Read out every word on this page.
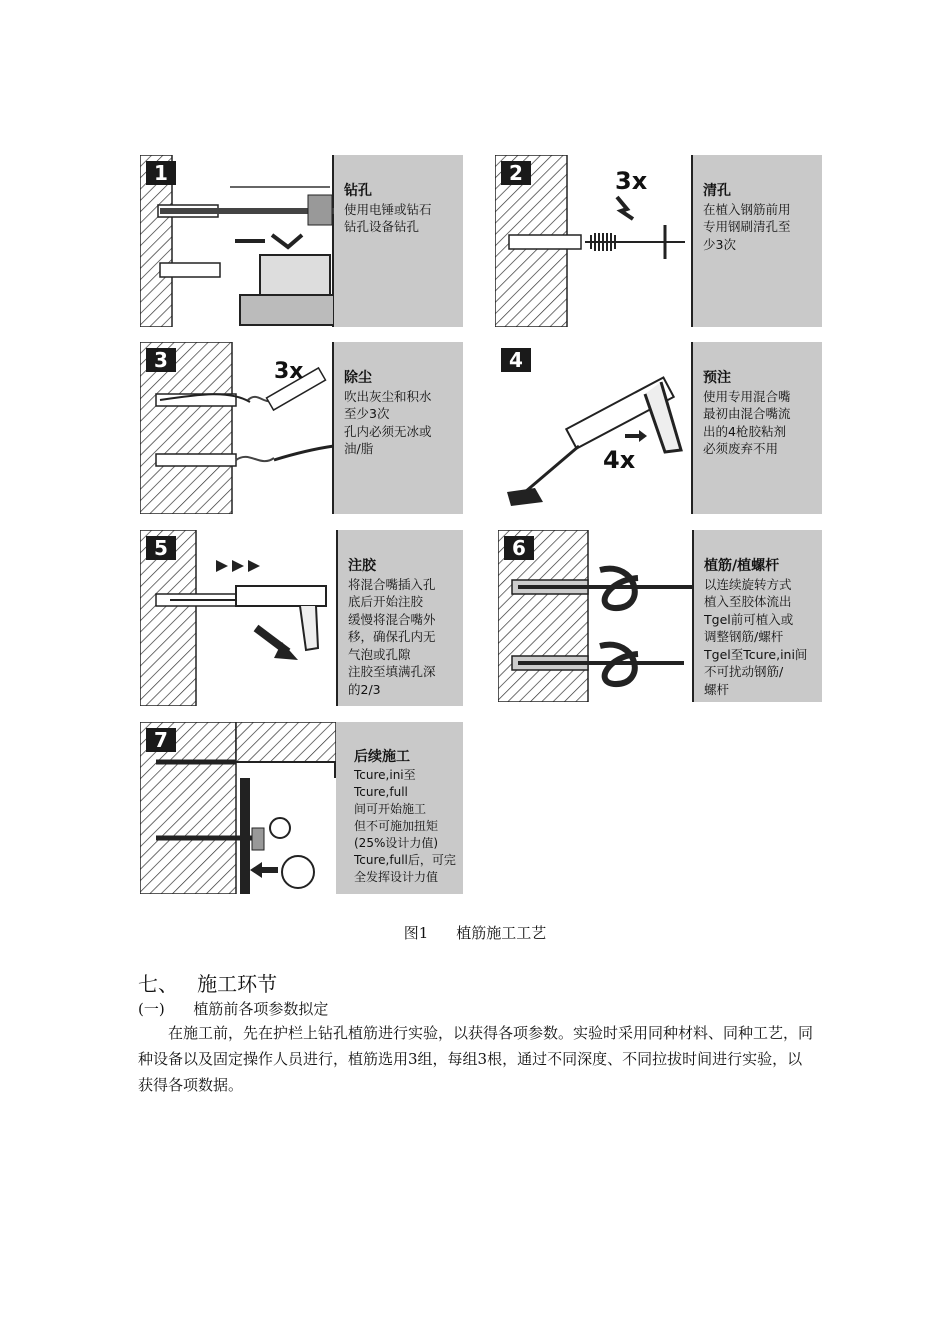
1

钻孔
使用电锤或钻石
钻孔设备钻孔

3x
2

清孔
在植入钢筋前用
专用钢刷清孔至
少3次

3x
3

除尘
吹出灰尘和积水
至少3次
孔内必须无冰或
油/脂	4x
4

预注
使用专用混合嘴
最初由混合嘴流
出的4枪胶粘剂
必须废弃不用

5

注胶
将混合嘴插入孔
底后开始注胶
缓慢将混合嘴外
移，确保孔内无
气泡或孔隙
注胶至填满孔深
的2/3

6

植筋/植螺杆
以连续旋转方式
植入至胶体流出
Tgel前可植入或
调整钢筋/螺杆
Tgel至Tcure,ini间
不可扰动钢筋/
螺杆

7

后续施工
Tcure,ini至Tcure,full
间可开始施工
但不可施加扭矩
(25%设计力值)
Tcure,full后，可完
全发挥设计力值

图1 植筋施工工艺
七、   施工环节
(一)      植筋前各项参数拟定
在施工前，先在护栏上钻孔植筋进行实验，以获得各项参数。实验时采用同种材料、同种工艺，同种设备以及固定操作人员进行，植筋选用3组，每组3根，通过不同深度、不同拉拔时间进行实验，以获得各项数据。
